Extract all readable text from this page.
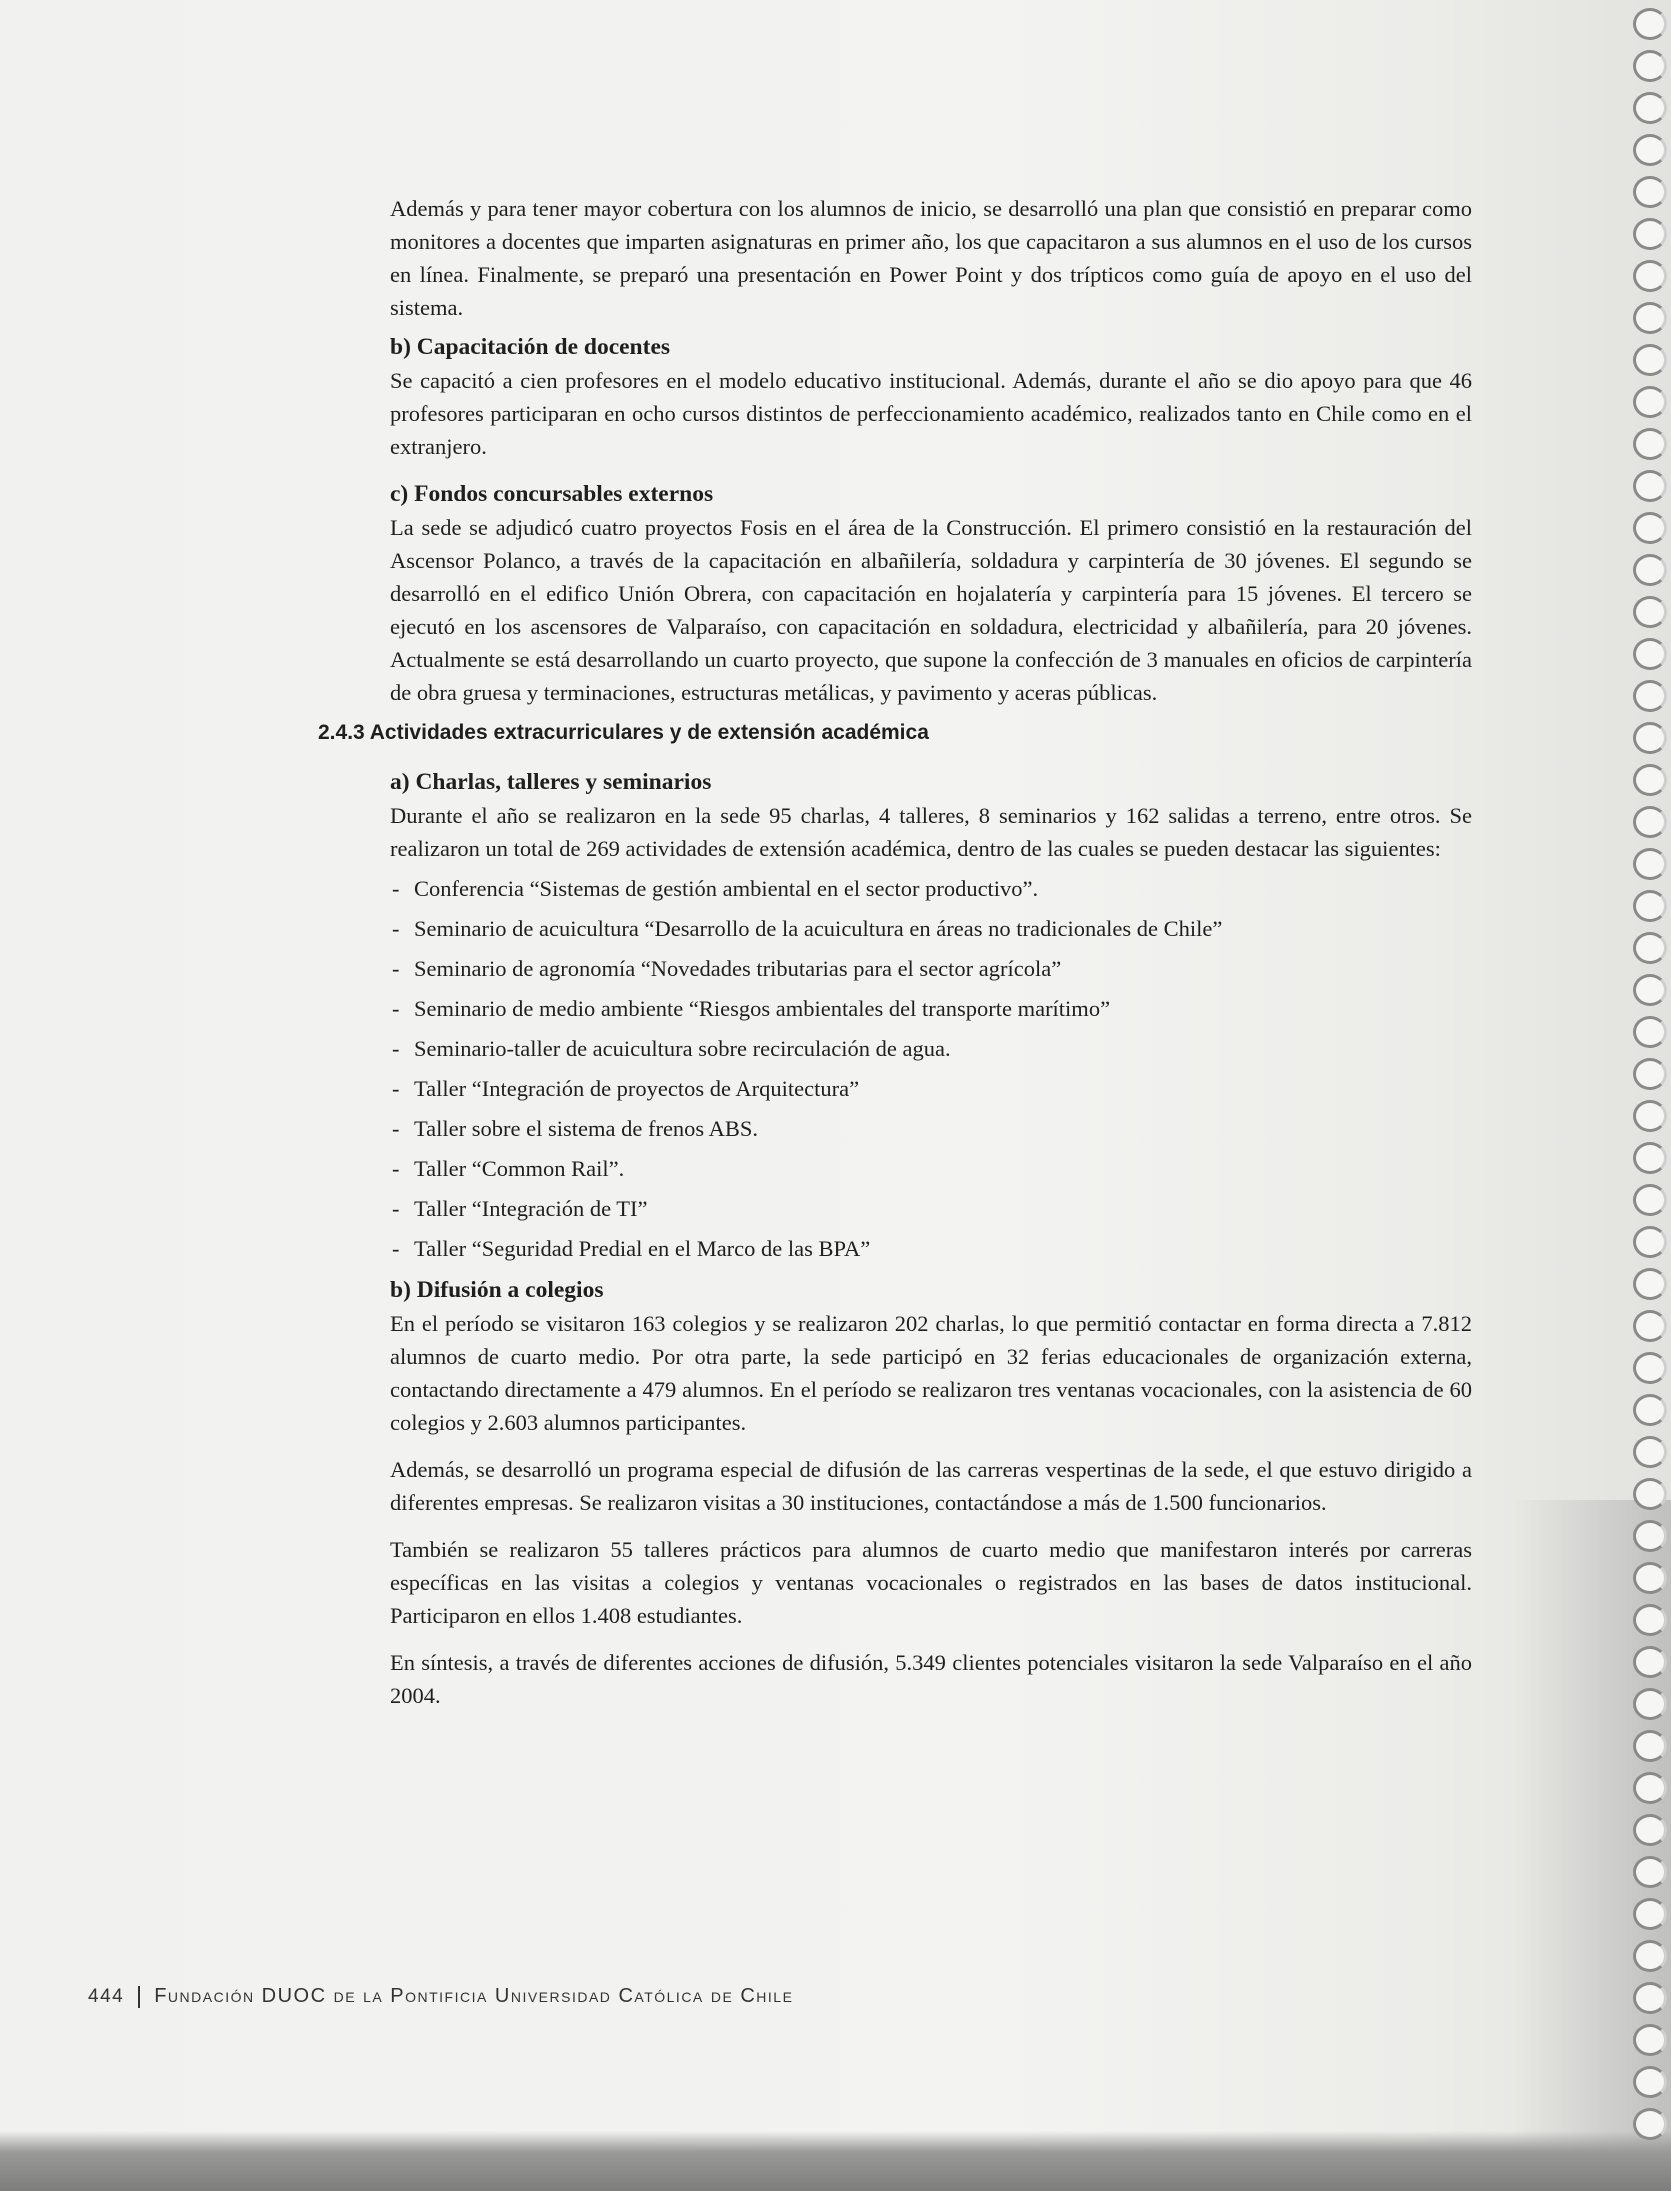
Además y para tener mayor cobertura con los alumnos de inicio, se desarrolló una plan que consistió en preparar como monitores a docentes que imparten asignaturas en primer año, los que capacitaron a sus alumnos en el uso de los cursos en línea. Finalmente, se preparó una presentación en Power Point y dos trípticos como guía de apoyo en el uso del sistema.

b) Capacitación de docentes

Se capacitó a cien profesores en el modelo educativo institucional. Además, durante el año se dio apoyo para que 46 profesores participaran en ocho cursos distintos de perfeccionamiento académico, realizados tanto en Chile como en el extranjero.

c) Fondos concursables externos

La sede se adjudicó cuatro proyectos Fosis en el área de la Construcción. El primero consistió en la restauración del Ascensor Polanco, a través de la capacitación en albañilería, soldadura y carpintería de 30 jóvenes. El segundo se desarrolló en el edifico Unión Obrera, con capacitación en hojalatería y carpintería para 15 jóvenes. El tercero se ejecutó en los ascensores de Valparaíso, con capacitación en soldadura, electricidad y albañilería, para 20 jóvenes. Actualmente se está desarrollando un cuarto proyecto, que supone la confección de 3 manuales en oficios de carpintería de obra gruesa y terminaciones, estructuras metálicas, y pavimento y aceras públicas.

2.4.3 Actividades extracurriculares y de extensión académica
a) Charlas, talleres y seminarios

Durante el año se realizaron en la sede 95 charlas, 4 talleres, 8 seminarios y 162 salidas a terreno, entre otros. Se realizaron un total de 269 actividades de extensión académica, dentro de las cuales se pueden destacar las siguientes:

- Conferencia “Sistemas de gestión ambiental en el sector productivo”.
- Seminario de acuicultura “Desarrollo de la acuicultura en áreas no tradicionales de Chile”
- Seminario de agronomía “Novedades tributarias para el sector agrícola”
- Seminario de medio ambiente “Riesgos ambientales del transporte marítimo”
- Seminario-taller de acuicultura sobre recirculación de agua.
- Taller “Integración de proyectos de Arquitectura”
- Taller sobre el sistema de frenos ABS.
- Taller “Common Rail”.
- Taller “Integración de TI”
- Taller “Seguridad Predial en el Marco de las BPA”
b) Difusión a colegios

En el período se visitaron 163 colegios y se realizaron 202 charlas, lo que permitió contactar en forma directa a 7.812 alumnos de cuarto medio. Por otra parte, la sede participó en 32 ferias educacionales de organización externa, contactando directamente a 479 alumnos. En el período se realizaron tres ventanas vocacionales, con la asistencia de 60 colegios y 2.603 alumnos participantes.

Además, se desarrolló un programa especial de difusión de las carreras vespertinas de la sede, el que estuvo dirigido a diferentes empresas. Se realizaron visitas a 30 instituciones, contactándose a más de 1.500 funcionarios.

También se realizaron 55 talleres prácticos para alumnos de cuarto medio que manifestaron interés por carreras específicas en las visitas a colegios y ventanas vocacionales o registrados en las bases de datos institucional. Participaron en ellos 1.408 estudiantes.

En síntesis, a través de diferentes acciones de difusión, 5.349 clientes potenciales visitaron la sede Valparaíso en el año 2004.

444 Fundación DUOC de la Pontificia Universidad Católica de Chile
